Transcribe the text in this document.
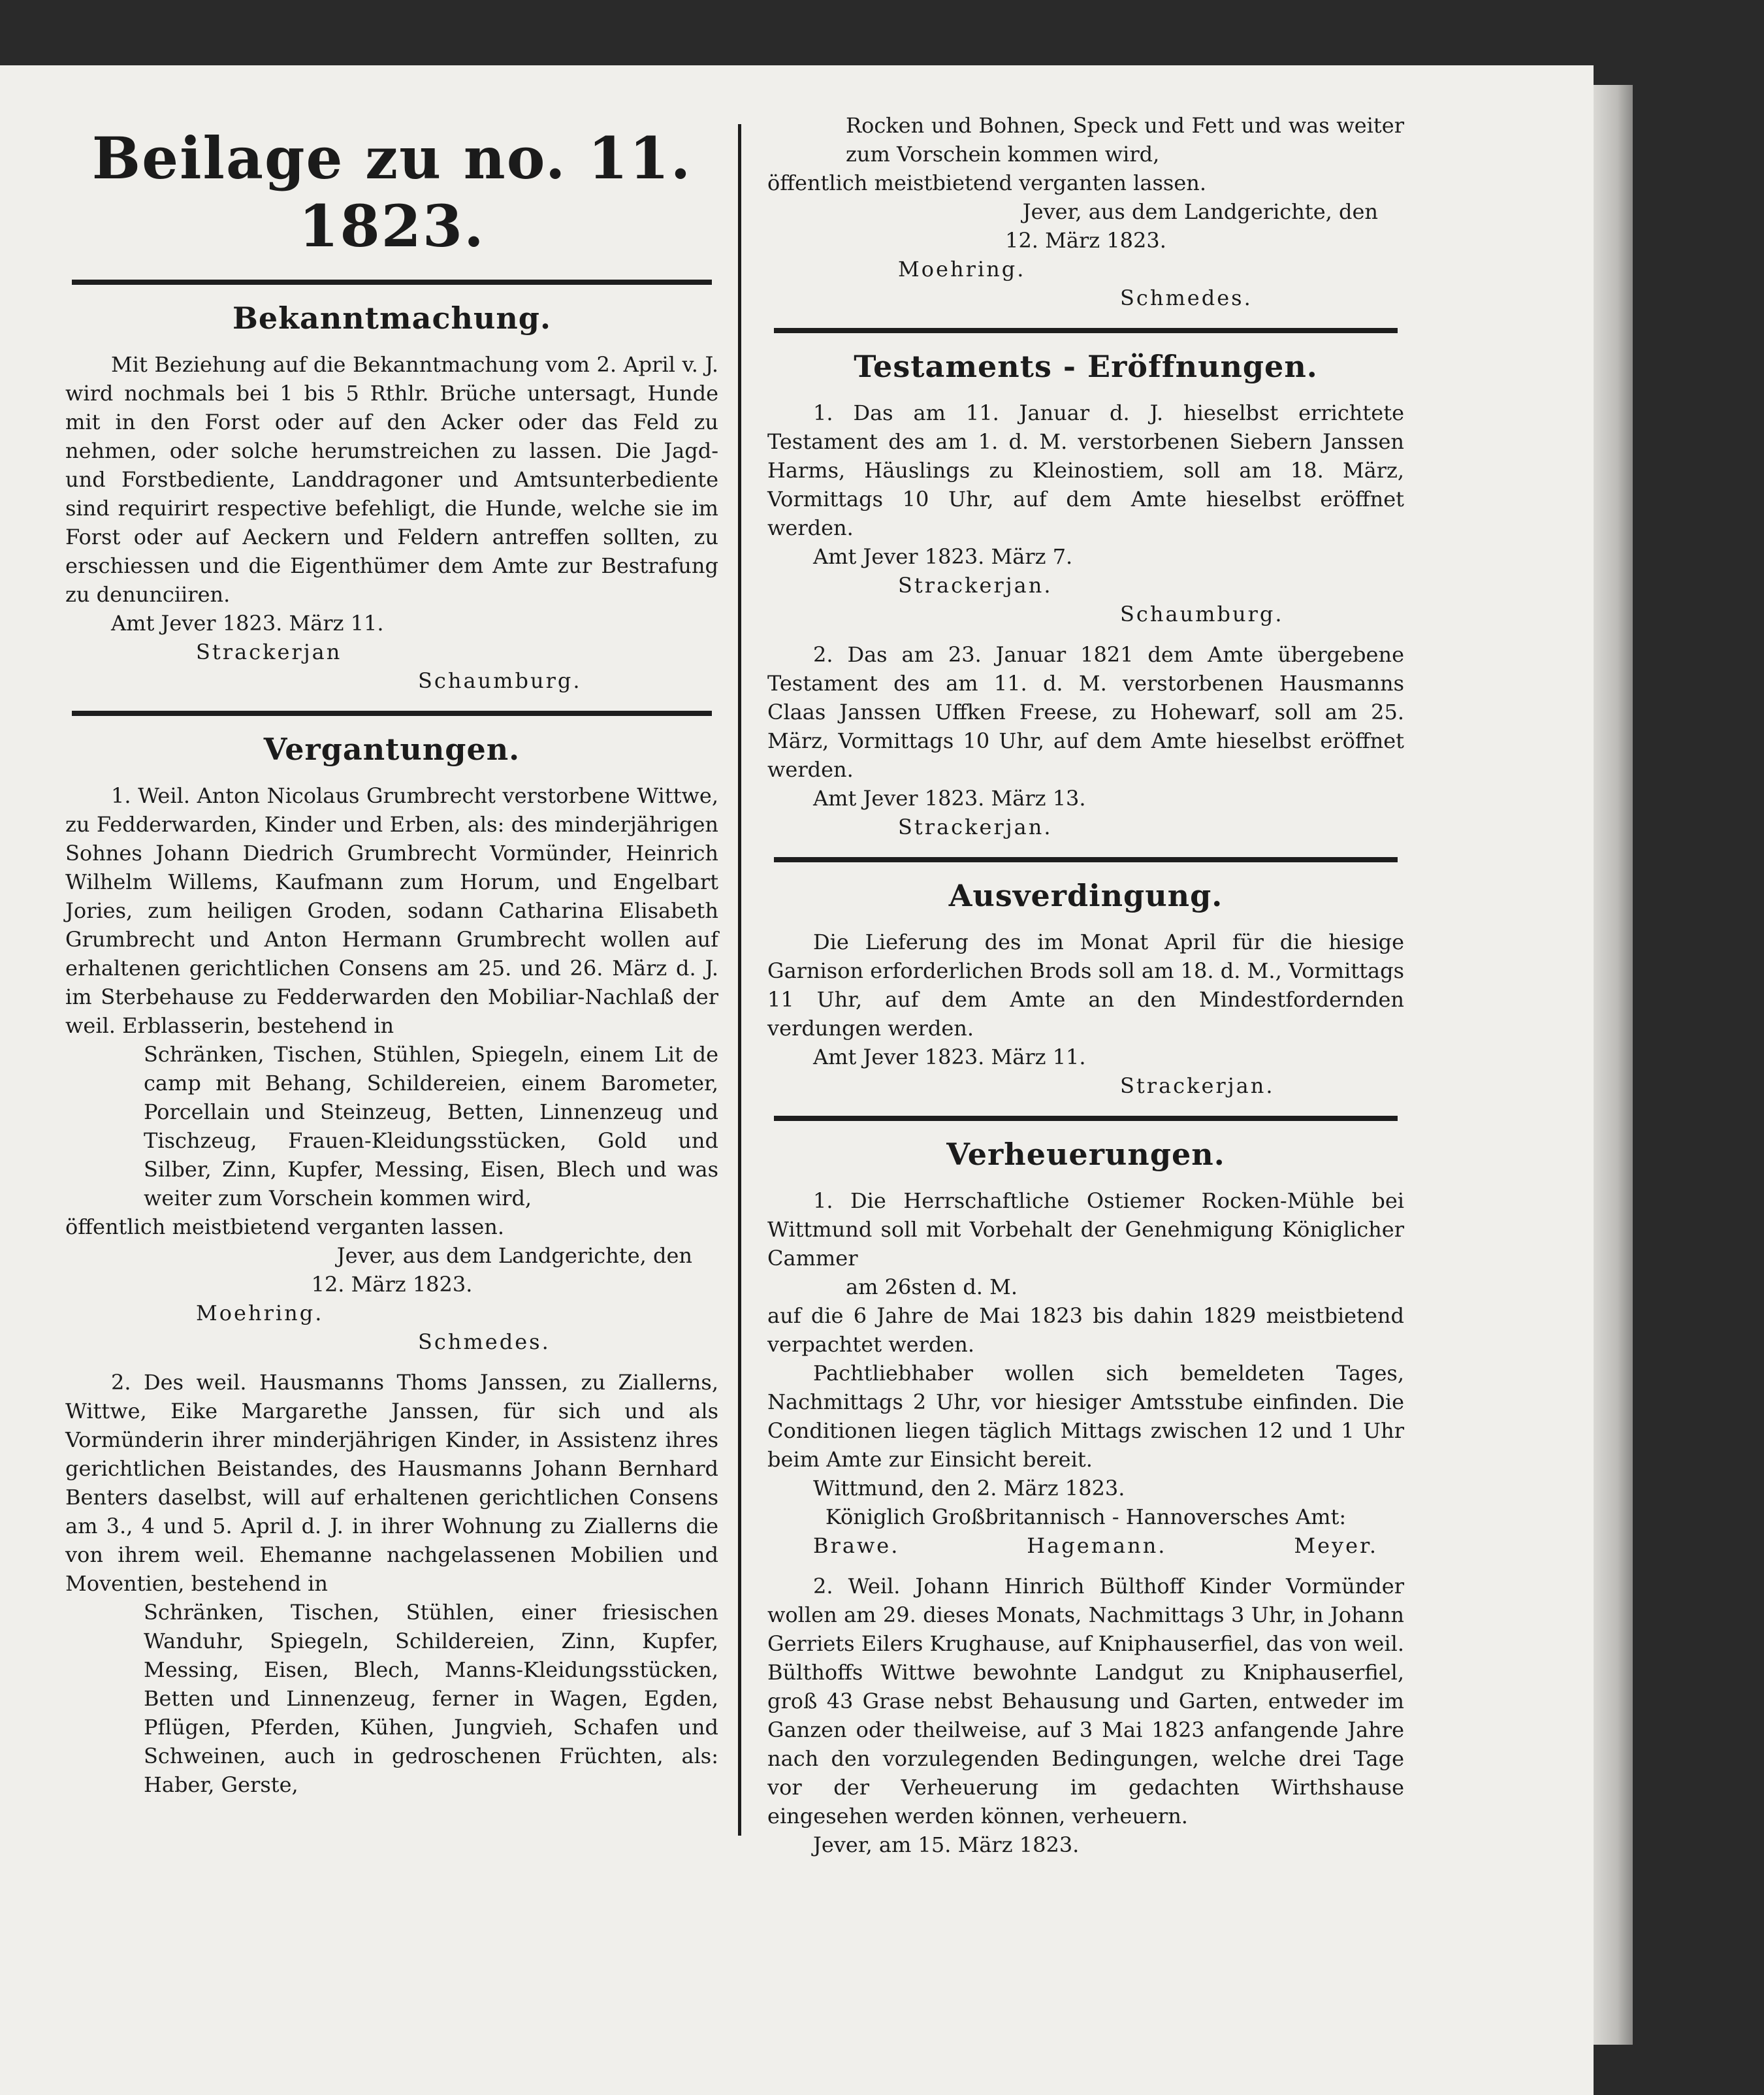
Beilage zu no. 11. 1823.
Bekanntmachung.

Mit Beziehung auf die Bekanntmachung vom 2. April v. J. wird nochmals bei 1 bis 5 Rthlr. Brüche untersagt, Hunde mit in den Forst oder auf den Acker oder das Feld zu nehmen, oder solche herumstreichen zu lassen. Die Jagd- und Forstbediente, Landdragoner und Amtsunterbediente sind requirirt respective befehligt, die Hunde, welche sie im Forst oder auf Aeckern und Feldern antreffen sollten, zu erschiessen und die Eigenthümer dem Amte zur Bestrafung zu denunciiren.

Amt Jever 1823. März 11.

Strackerjan

Schaumburg.

Vergantungen.

1. Weil. Anton Nicolaus Grumbrecht verstorbene Wittwe, zu Fedderwarden, Kinder und Erben, als: des minderjährigen Sohnes Johann Diedrich Grumbrecht Vormünder, Heinrich Wilhelm Willems, Kaufmann zum Horum, und Engelbart Jories, zum heiligen Groden, sodann Catharina Elisabeth Grumbrecht und Anton Hermann Grumbrecht wollen auf erhaltenen gerichtlichen Consens am 25. und 26. März d. J. im Sterbehause zu Fedderwarden den Mobiliar-Nachlaß der weil. Erblasserin, bestehend in

Schränken, Tischen, Stühlen, Spiegeln, einem Lit de camp mit Behang, Schildereien, einem Barometer, Porcellain und Steinzeug, Betten, Linnenzeug und Tischzeug, Frauen-Kleidungsstücken, Gold und Silber, Zinn, Kupfer, Messing, Eisen, Blech und was weiter zum Vorschein kommen wird,

öffentlich meistbietend verganten lassen.

Jever, aus dem Landgerichte, den

12. März 1823.

Moehring.

Schmedes.

2. Des weil. Hausmanns Thoms Janssen, zu Ziallerns, Wittwe, Eike Margarethe Janssen, für sich und als Vormünderin ihrer minderjährigen Kinder, in Assistenz ihres gerichtlichen Beistandes, des Hausmanns Johann Bernhard Benters daselbst, will auf erhaltenen gerichtlichen Consens am 3., 4 und 5. April d. J. in ihrer Wohnung zu Ziallerns die von ihrem weil. Ehemanne nachgelassenen Mobilien und Moventien, bestehend in

Schränken, Tischen, Stühlen, einer friesischen Wanduhr, Spiegeln, Schildereien, Zinn, Kupfer, Messing, Eisen, Blech, Manns-Kleidungsstücken, Betten und Linnenzeug, ferner in Wagen, Egden, Pflügen, Pferden, Kühen, Jungvieh, Schafen und Schweinen, auch in gedroschenen Früchten, als: Haber, Gerste,

Rocken und Bohnen, Speck und Fett und was weiter zum Vorschein kommen wird,

öffentlich meistbietend verganten lassen.

Jever, aus dem Landgerichte, den

12. März 1823.

Moehring.

Schmedes.

Testaments - Eröffnungen.

1. Das am 11. Januar d. J. hieselbst errichtete Testament des am 1. d. M. verstorbenen Siebern Janssen Harms, Häuslings zu Kleinostiem, soll am 18. März, Vormittags 10 Uhr, auf dem Amte hieselbst eröffnet werden.

Amt Jever 1823. März 7.

Strackerjan.

Schaumburg.

2. Das am 23. Januar 1821 dem Amte übergebene Testament des am 11. d. M. verstorbenen Hausmanns Claas Janssen Uffken Freese, zu Hohewarf, soll am 25. März, Vormittags 10 Uhr, auf dem Amte hieselbst eröffnet werden.

Amt Jever 1823. März 13.

Strackerjan.

Ausverdingung.

Die Lieferung des im Monat April für die hiesige Garnison erforderlichen Brods soll am 18. d. M., Vormittags 11 Uhr, auf dem Amte an den Mindestfordernden verdungen werden.

Amt Jever 1823. März 11.

Strackerjan.

Verheuerungen.

1. Die Herrschaftliche Ostiemer Rocken-Mühle bei Wittmund soll mit Vorbehalt der Genehmigung Königlicher Cammer

am 26sten d. M.

auf die 6 Jahre de Mai 1823 bis dahin 1829 meistbietend verpachtet werden.

Pachtliebhaber wollen sich bemeldeten Tages, Nachmittags 2 Uhr, vor hiesiger Amtsstube einfinden. Die Conditionen liegen täglich Mittags zwischen 12 und 1 Uhr beim Amte zur Einsicht bereit.

Wittmund, den 2. März 1823.

Königlich Großbritannisch - Hannoversches Amt:

Brawe.	Hagemann.	Meyer.

2. Weil. Johann Hinrich Bülthoff Kinder Vormünder wollen am 29. dieses Monats, Nachmittags 3 Uhr, in Johann Gerriets Eilers Krughause, auf Kniphauserfiel, das von weil. Bülthoffs Wittwe bewohnte Landgut zu Kniphauserfiel, groß 43 Grase nebst Behausung und Garten, entweder im Ganzen oder theilweise, auf 3 Mai 1823 anfangende Jahre nach den vorzulegenden Bedingungen, welche drei Tage vor der Verheuerung im gedachten Wirthshause eingesehen werden können, verheuern.

Jever, am 15. März 1823.
